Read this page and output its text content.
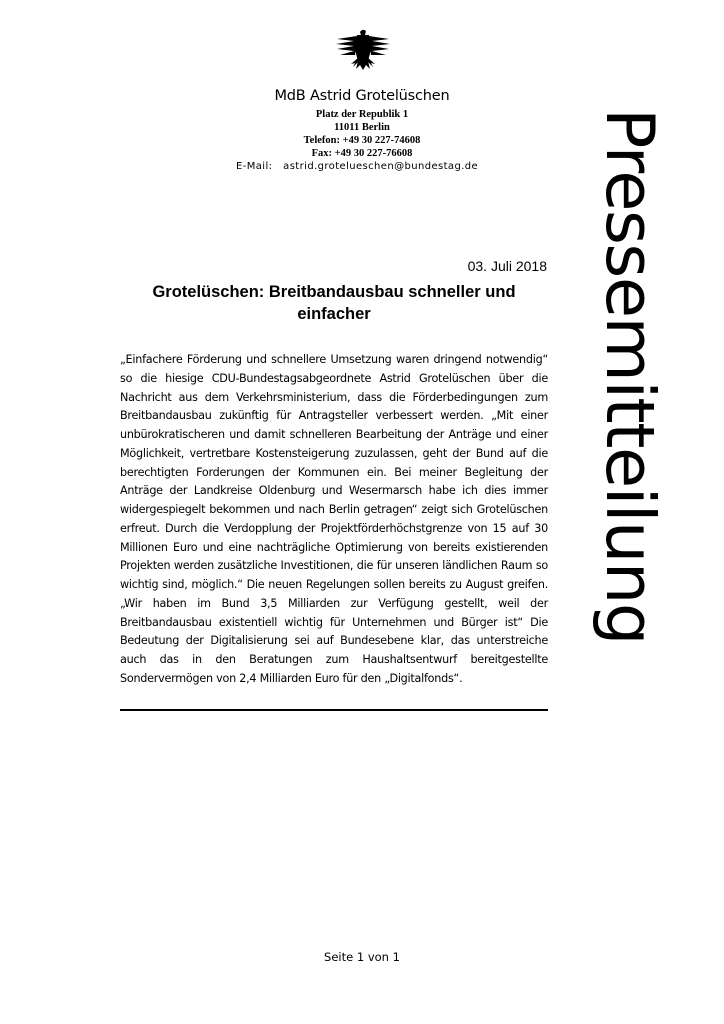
MdB Astrid Grotelüschen
Platz der Republik 1
11011 Berlin
Telefon: +49 30 227-74608
Fax: +49 30 227-76608
E-Mail: astrid.grotelueschen@bundestag.de	Pressemitteilung
03. Juli 2018
Grotelüschen: Breitbandausbau schneller und einfacher
„Einfachere Förderung und schnellere Umsetzung waren dringend notwendig“ so die hiesige CDU-Bundestagsabgeordnete Astrid Grotelüschen über die Nachricht aus dem Verkehrsministerium, dass die Förderbedingungen zum Breitbandausbau zukünftig für Antragsteller verbessert werden. „Mit einer unbürokratischeren und damit schnelleren Bearbeitung der Anträge und einer Möglichkeit, vertretbare Kostensteigerung zuzulassen, geht der Bund auf die berechtigten Forderungen der Kommunen ein. Bei meiner Begleitung der Anträge der Landkreise Oldenburg und Wesermarsch habe ich dies immer widergespiegelt bekommen und nach Berlin getragen“ zeigt sich Grotelüschen erfreut. Durch die Verdopplung der Projektförderhöchstgrenze von 15 auf 30 Millionen Euro und eine nachträgliche Optimierung von bereits existierenden Projekten werden zusätzliche Investitionen, die für unseren ländlichen Raum so wichtig sind, möglich.“ Die neuen Regelungen sollen bereits zu August greifen. „Wir haben im Bund 3,5 Milliarden zur Verfügung gestellt, weil der Breitbandausbau existentiell wichtig für Unternehmen und Bürger ist“ Die Bedeutung der Digitalisierung sei auf Bundesebene klar, das unterstreiche auch das in den Beratungen zum Haushaltsentwurf bereitgestellte Sondervermögen von 2,4 Milliarden Euro für den „Digitalfonds“.
Seite 1 von 1
